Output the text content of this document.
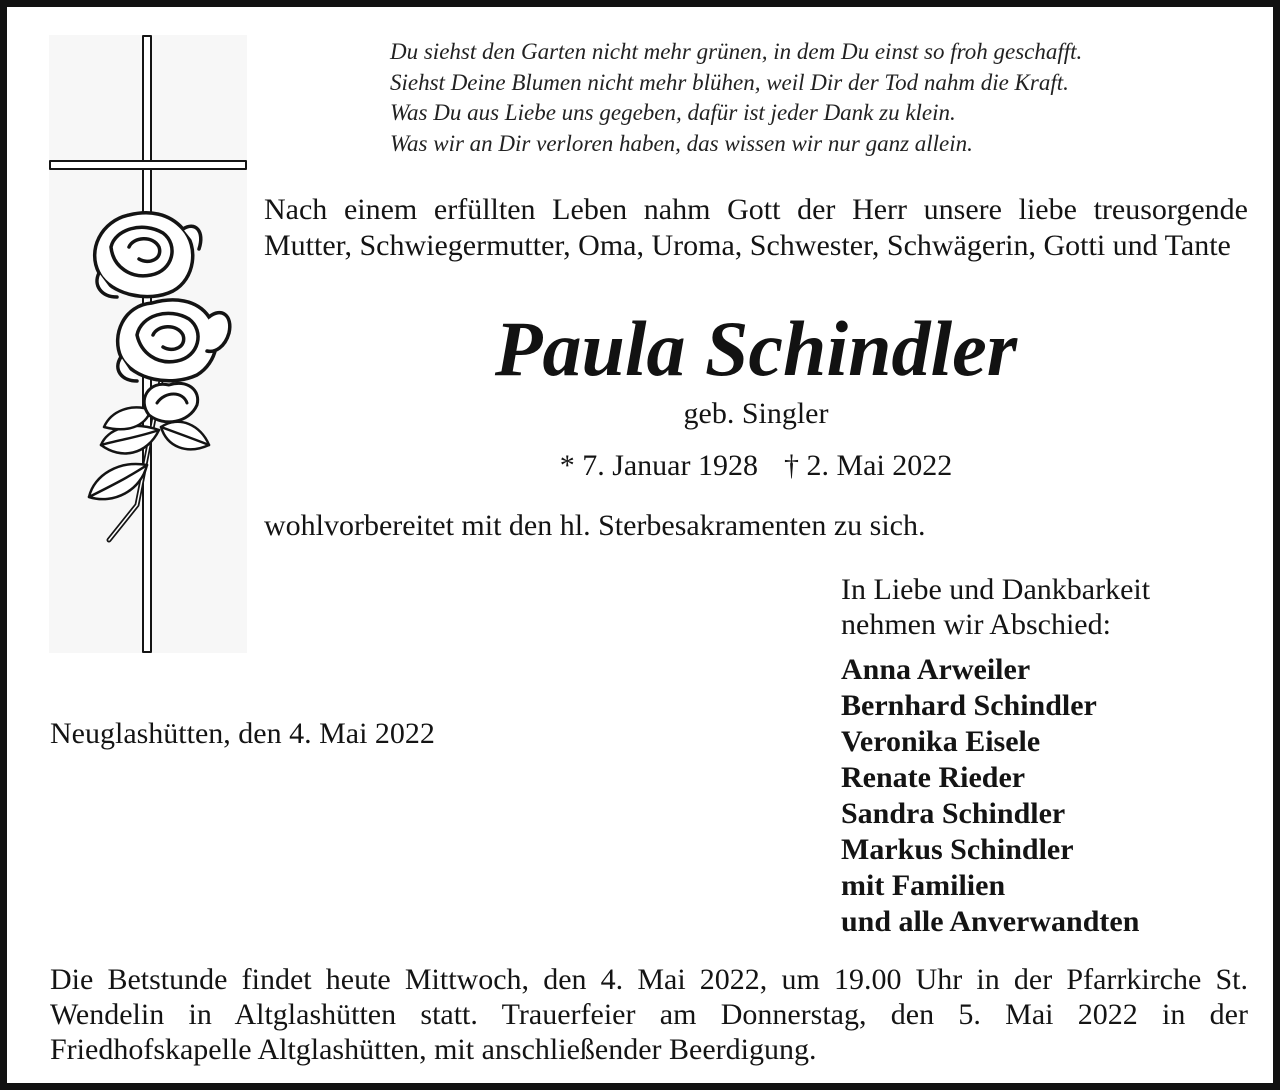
Du siehst den Garten nicht mehr grünen, in dem Du einst so froh geschafft.
Siehst Deine Blumen nicht mehr blühen, weil Dir der Tod nahm die Kraft.
Was Du aus Liebe uns gegeben, dafür ist jeder Dank zu klein.
Was wir an Dir verloren haben, das wissen wir nur ganz allein.
Nach einem erfüllten Leben nahm Gott der Herr unsere liebe treusorgende Mutter, Schwiegermutter, Oma, Uroma, Schwester, Schwägerin, Gotti und Tante
Paula Schindler
geb. Singler
* 7. Januar 1928 † 2. Mai 2022
wohlvorbereitet mit den hl. Sterbesakramenten zu sich.
In Liebe und Dankbarkeit
nehmen wir Abschied:
Anna Arweiler
Bernhard Schindler
Veronika Eisele
Renate Rieder
Sandra Schindler
Markus Schindler
mit Familien
und alle Anverwandten
Neuglashütten, den 4. Mai 2022
Die Betstunde findet heute Mittwoch, den 4. Mai 2022, um 19.00 Uhr in der Pfarrkirche St. Wendelin in Altglashütten statt. Trauerfeier am Donnerstag, den 5. Mai 2022 in der Friedhofskapelle Altglashütten, mit anschließender Beerdigung.
